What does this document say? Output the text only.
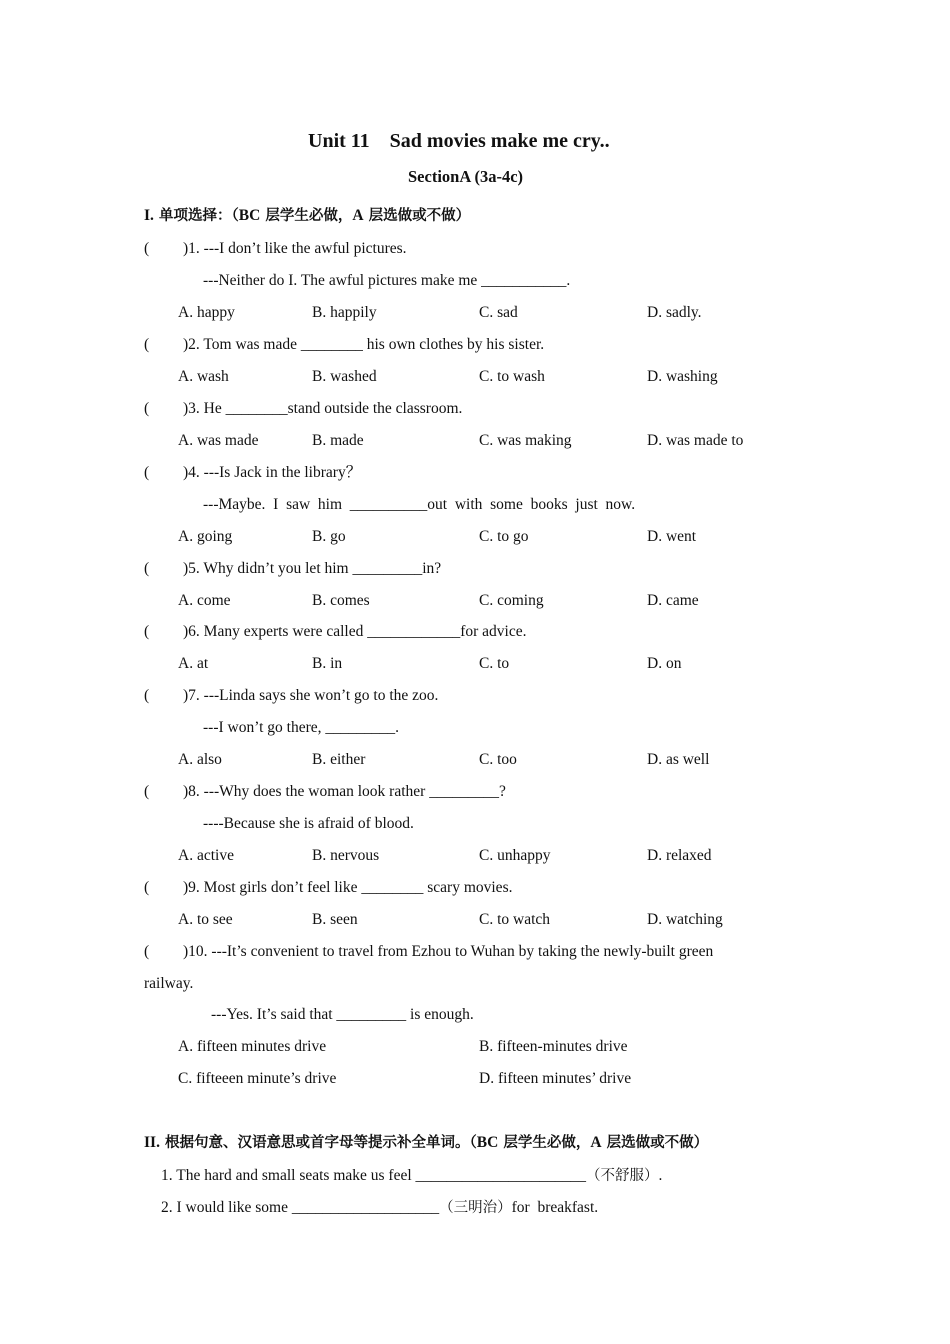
Unit 11    Sad movies make me cry..
SectionA (3a-4c)
I. 单项选择：（BC 层学生必做，A 层选做或不做）
( )1. ---I don’t like the awful pictures.
---Neither do I. The awful pictures make me ___________.
A. happy	B. happily	C. sad	D. sadly.
( )2. Tom was made ________ his own clothes by his sister.
A. wash	B. washed	C. to wash	D. washing
( )3. He ________stand outside the classroom.
A. was made	B. made	C. was making	D. was made to
( )4. ---Is Jack in the library？
---Maybe.  I  saw  him  __________out  with  some  books  just  now.
A. going	B. go	C. to go	D. went
( )5. Why didn’t you let him _________in?
A. come	B. comes	C. coming	D. came
( )6. Many experts were called ____________for advice.
A. at	B. in	C. to	D. on
( )7. ---Linda says she won’t go to the zoo.
---I won’t go there, _________.
A. also	B. either	C. too	D. as well
( )8. ---Why does the woman look rather _________?
----Because she is afraid of blood.
A. active	B. nervous	C. unhappy	D. relaxed
( )9. Most girls don’t feel like ________ scary movies.
A. to see	B. seen	C. to watch	D. watching
( )10. ---It’s convenient to travel from Ezhou to Wuhan by taking the newly-built green
railway.
---Yes. It’s said that _________ is enough.
A. fifteen minutes drive	B. fifteen-minutes drive
C. fifteeen minute’s drive	D. fifteen minutes’ drive
II. 根据句意、汉语意思或首字母等提示补全单词。（BC 层学生必做，A 层选做或不做）
1. The hard and small seats make us feel ______________________（不舒服）.
2. I would like some ___________________（三明治）for  breakfast.
